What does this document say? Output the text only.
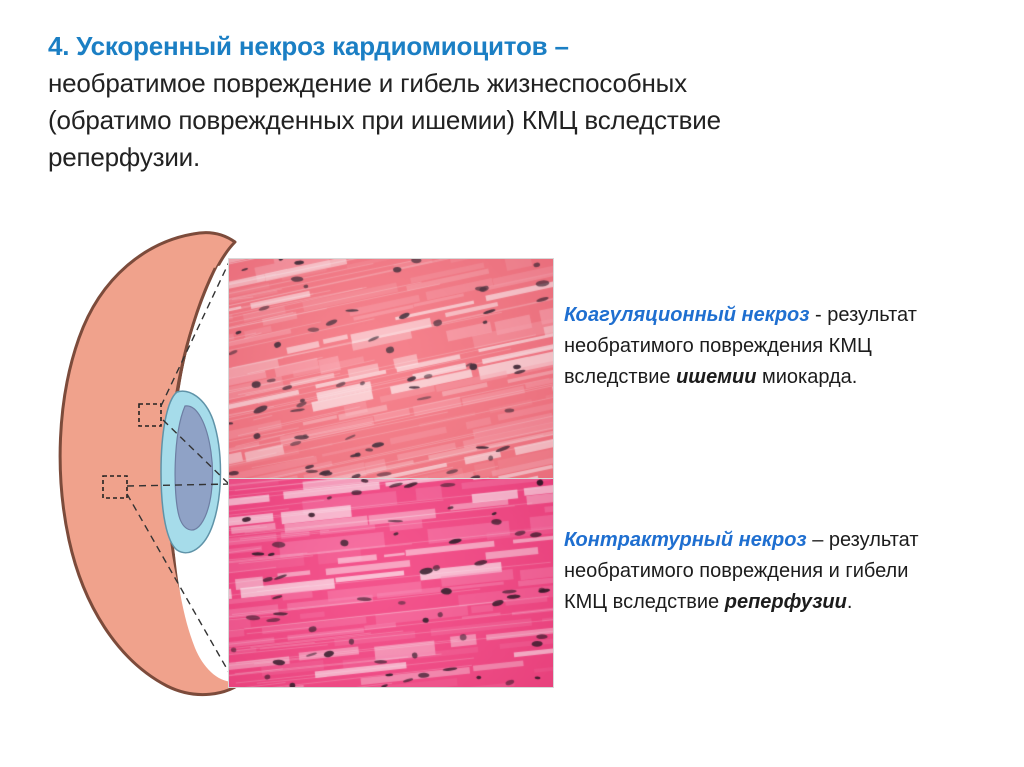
4. Ускоренный некроз кардиомиоцитов –
необратимое повреждение и гибель жизнеспособных
(обратимо поврежденных при ишемии) КМЦ вследствие
реперфузии.
Коагуляционный некроз - результат
необратимого повреждения КМЦ
вследствие ишемии миокарда.
Контрактурный некроз – результат
необратимого повреждения и гибели
КМЦ вследствие реперфузии.
